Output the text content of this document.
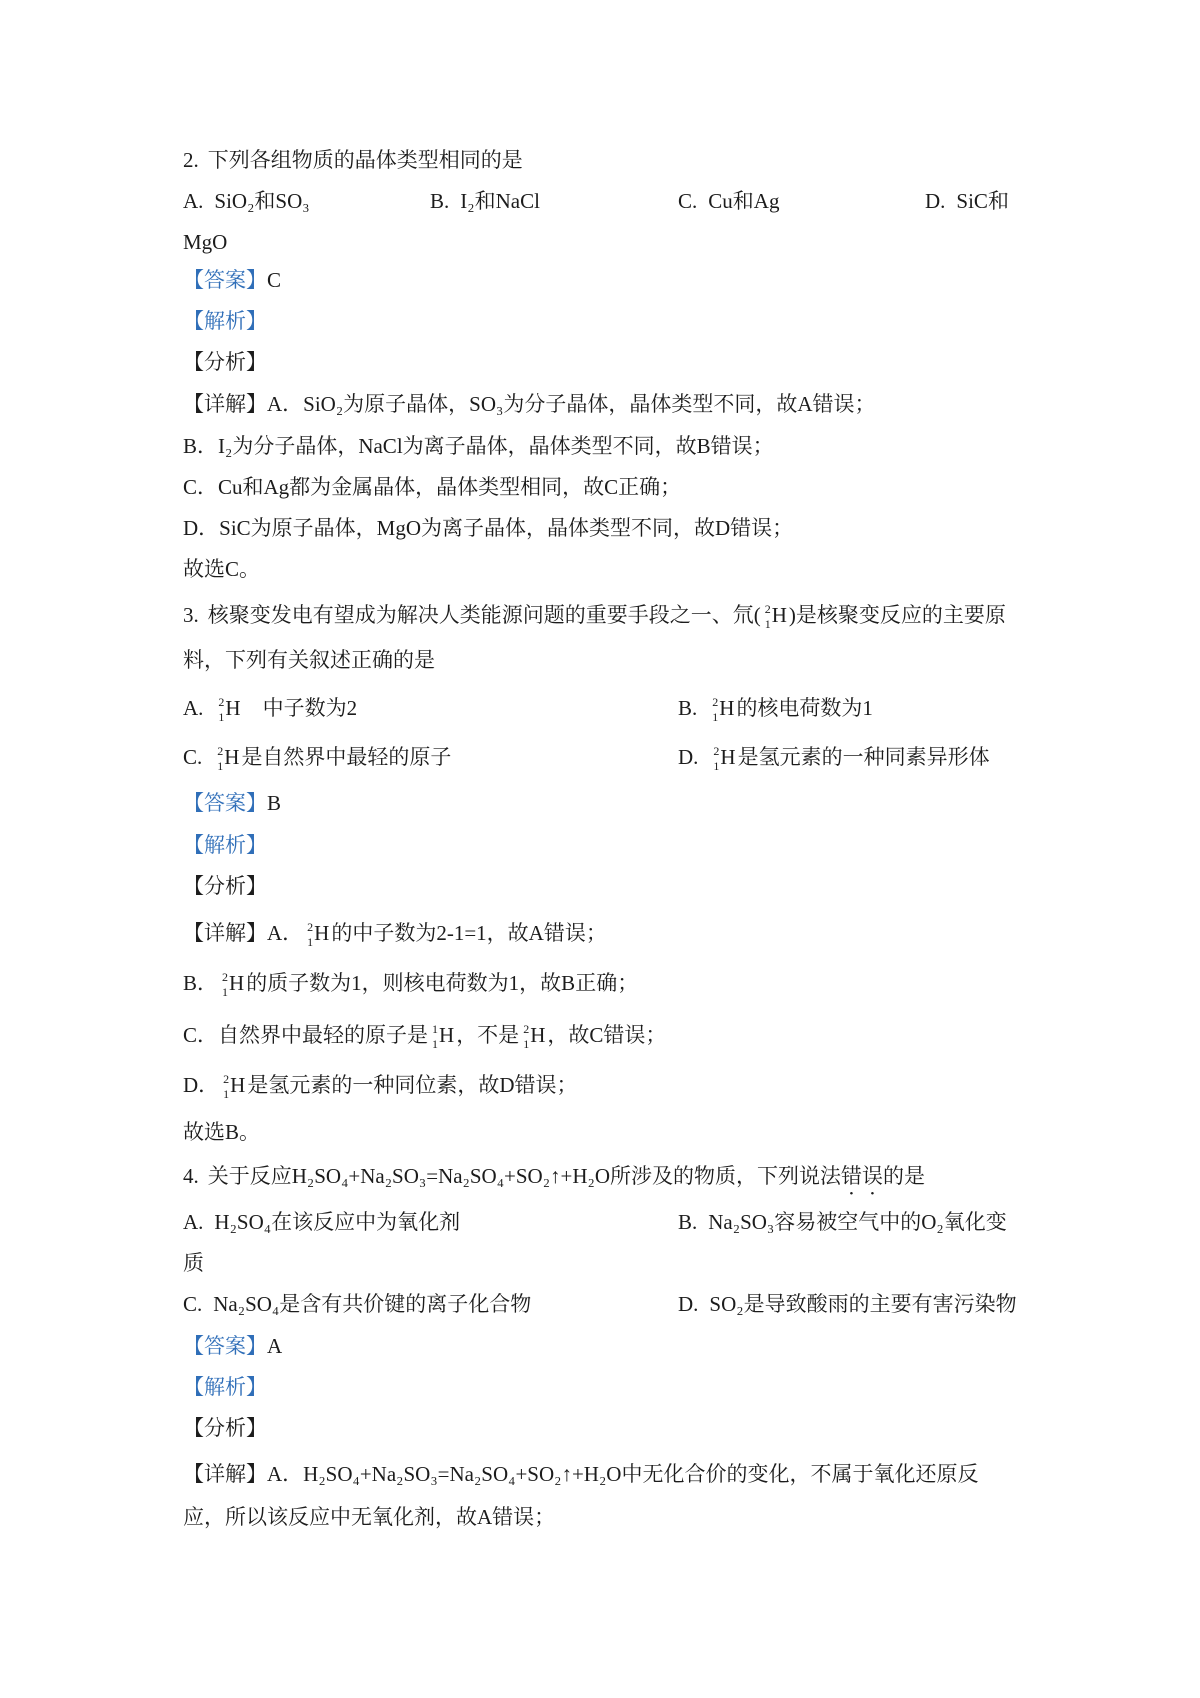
2. 下列各组物质的晶体类型相同的是
A. SiO₂和SO₃	B. I₂和NaCl	C. Cu和Ag	D. SiC和
MgO
【答案】 C
【解析】
【分析】
【详解】 A．SiO₂为原子晶体，SO₃为分子晶体，晶体类型不同，故A错误；
B．I₂为分子晶体，NaCl为离子晶体，晶体类型不同，故B错误；
C．Cu和Ag都为金属晶体，晶体类型相同，故C正确；
D．SiC为原子晶体，MgO为离子晶体，晶体类型不同，故D错误；
故选C。
3. 核聚变发电有望成为解决人类能源问题的重要手段之一、氘( 2
1 H )是核聚变反应的主要原
料，下列有关叙述正确的是
A. 2
1 H 中子数为2	B. 2
1 H 的核电荷数为1
C. 2
1 H 是自然界中最轻的原子	D. 2
1 H 是氢元素的一种同素异形体
【答案】 B
【解析】
【分析】
【详解】 A． 2
1 H 的中子数为2-1=1，故A错误；
B． 2
1 H 的质子数为1，则核电荷数为1，故B正确；
C．自然界中最轻的原子是 1
1 H ，不是 2
1 H ，故C错误；
D． 2
1 H 是氢元素的一种同位素，故D错误；
故选B。
4. 关于反应H₂SO₄+Na₂SO₃=Na₂SO₄+SO₂↑+H₂O所涉及的物质，下列说法 错误 的是
A. H₂SO₄在该反应中为氧化剂	B. Na₂SO₃容易被空气中的O₂氧化变
质
C. Na₂SO₄是含有共价键的离子化合物	D. SO₂是导致酸雨的主要有害污染物
【答案】 A
【解析】
【分析】
【详解】 A．H₂SO₄+Na₂SO₃=Na₂SO₄+SO₂↑+H₂O中无化合价的变化，不属于氧化还原反
应，所以该反应中无氧化剂，故A错误；
